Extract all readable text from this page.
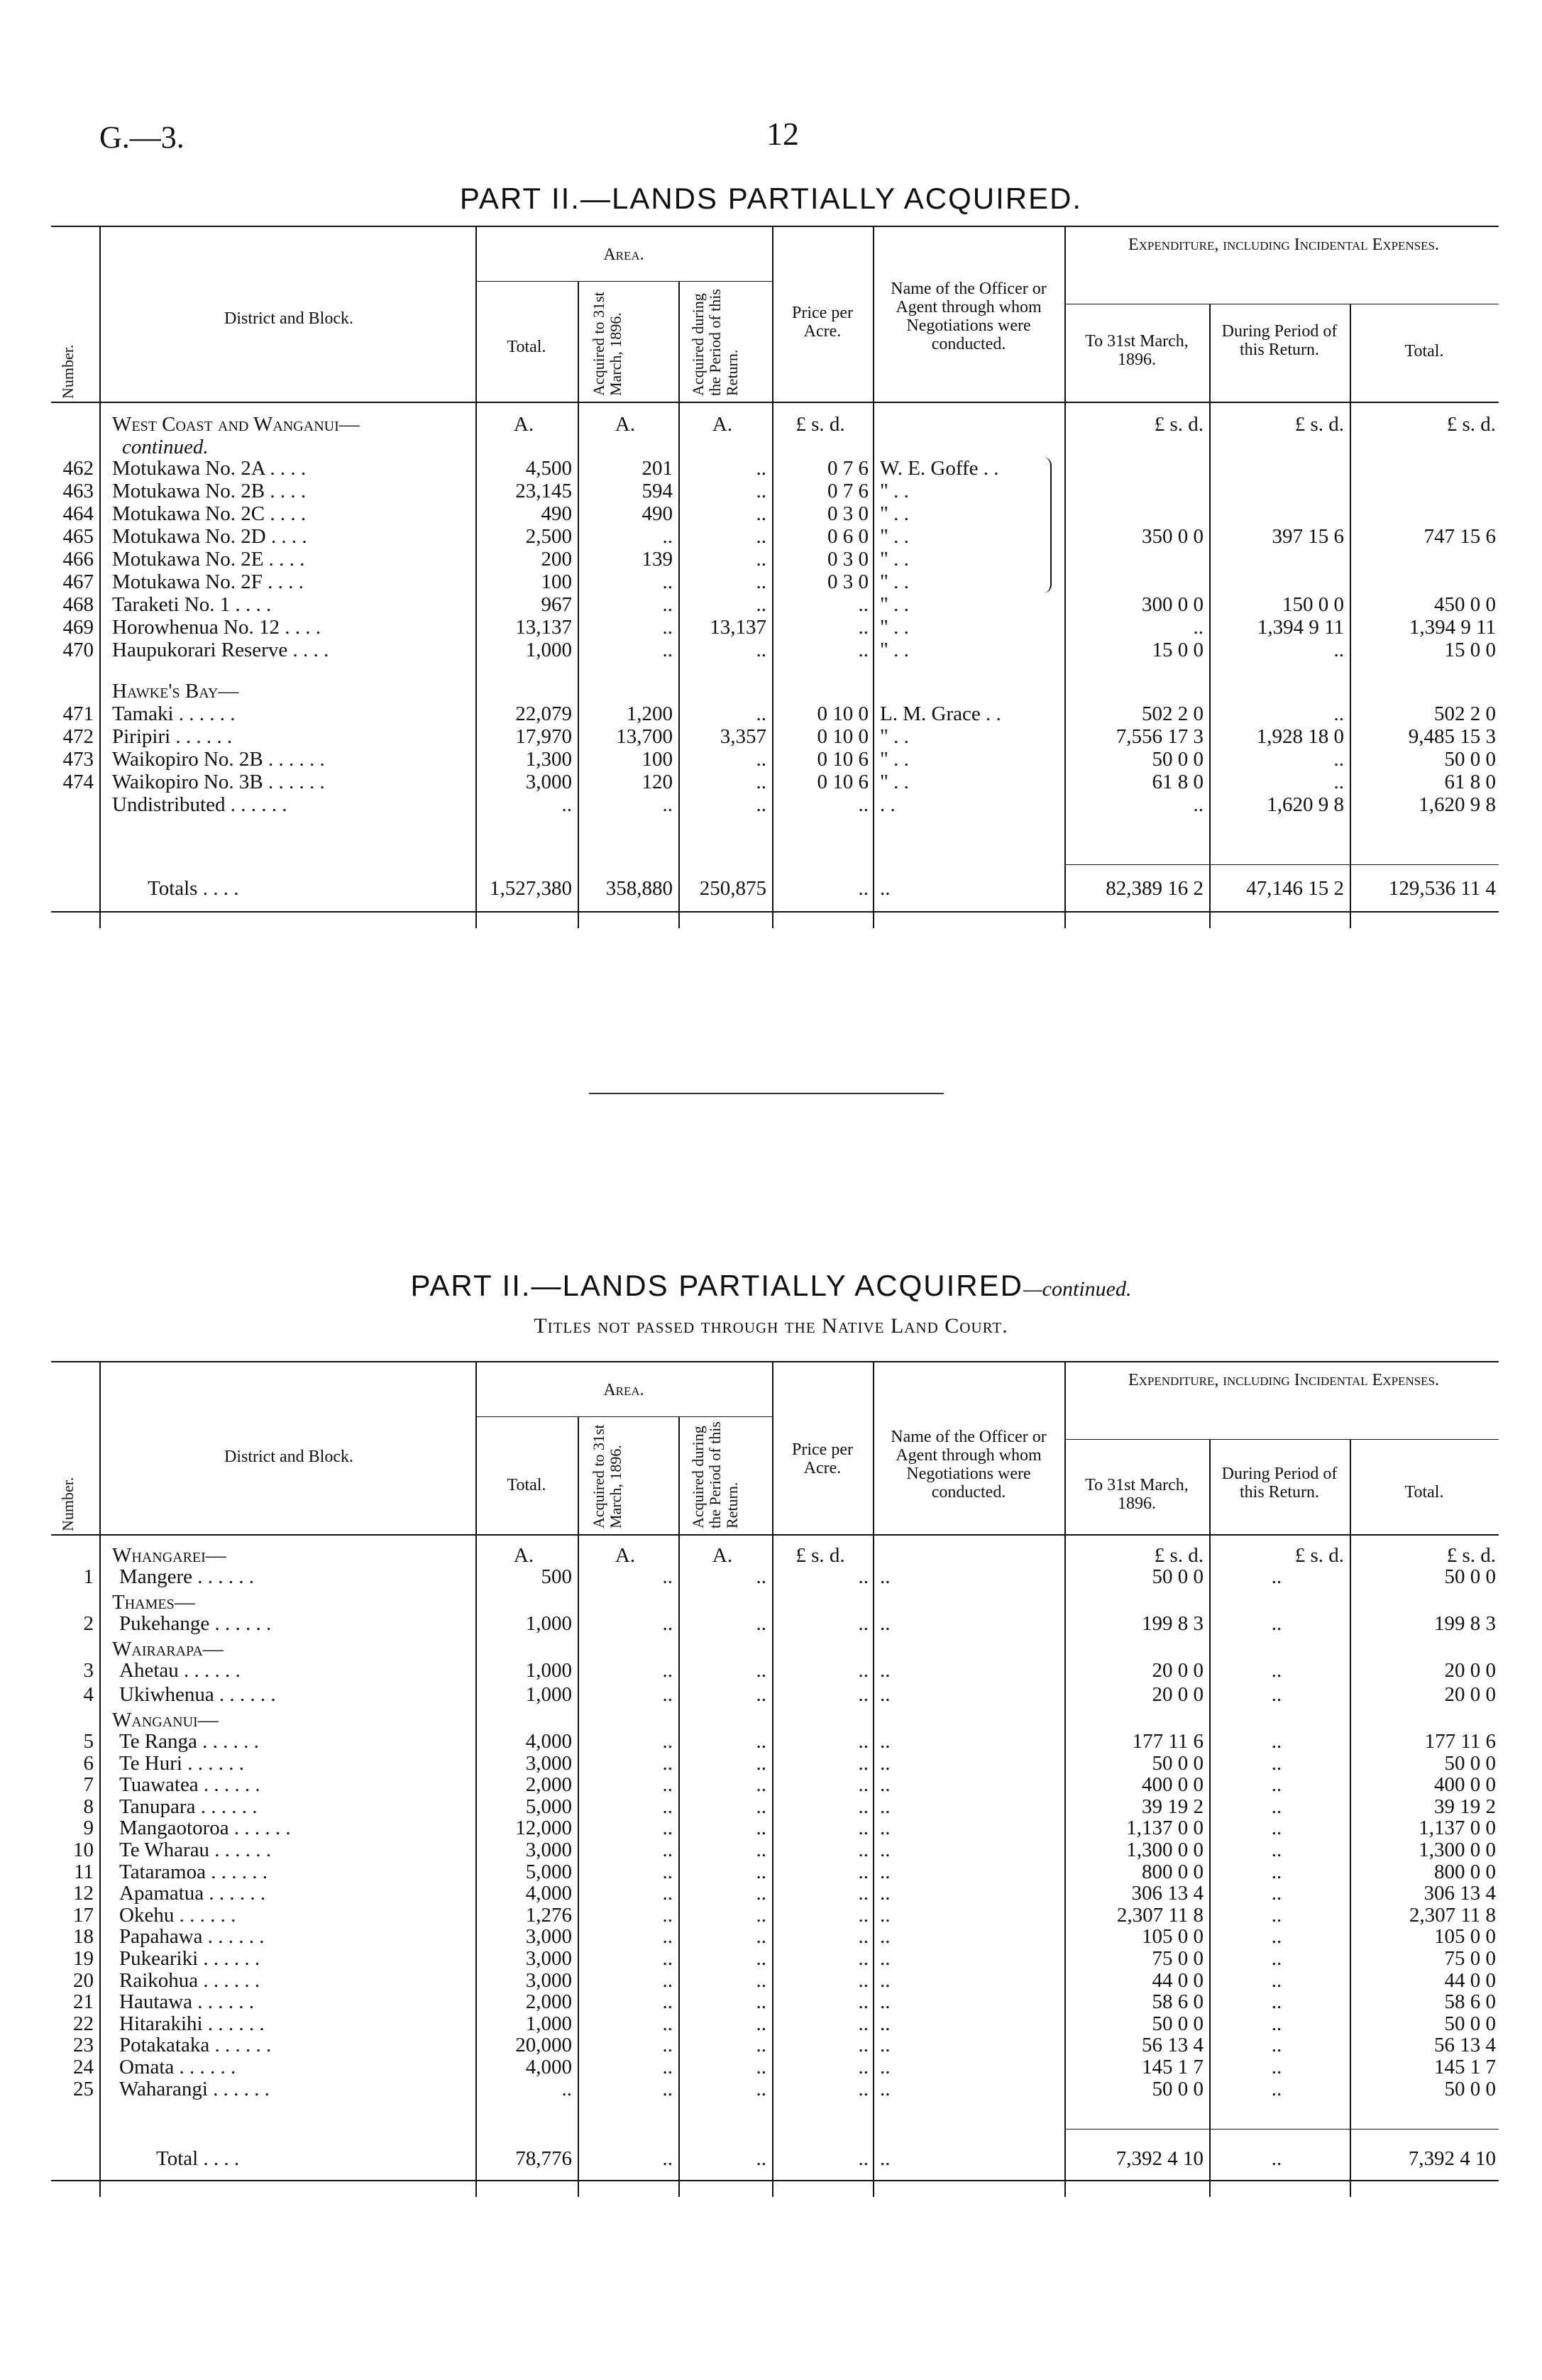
G.—3.	12
PART II.—LANDS PARTIALLY ACQUIRED.
Number.
District and Block.
Area.
Total.	Acquired to 31st March, 1896.	Acquired during the Period of this Return.
Price per Acre.
Name of the Officer or Agent through whom Negotiations were conducted.
Expenditure, including Incidental Expenses.
To 31st March, 1896.
During Period of this Return.	Total.
West Coast and Wanganui—	A.	A.	A.	£ s. d.	£ s. d.	£ s. d.	£ s. d.
continued.
462 Motukawa No. 2A . . . .	4,500	201	..	0 7 6 W. E. Goffe . .
463 Motukawa No. 2B . . . .	23,145	594	..	0 7 6 " . .
464 Motukawa No. 2C . . . .	490	490	..	0 3 0 " . .
465 Motukawa No. 2D . . . .	2,500	..	..	0 6 0 " . .	350 0 0	397 15 6	747 15 6
466 Motukawa No. 2E . . . .	200	139	..	0 3 0 " . .
467 Motukawa No. 2F . . . .	100	..	..	0 3 0 " . .
468 Taraketi No. 1 . . . .	967	..	..	.. " . .	300 0 0	150 0 0	450 0 0
469 Horowhenua No. 12 . . . .	13,137	..	13,137	.. " . .	..	1,394 9 11	1,394 9 11
470 Haupukorari Reserve . . . .	1,000	..	..	.. " . .	15 0 0	..	15 0 0
Hawke's Bay—
471 Tamaki . . . . . .	22,079	1,200	..	0 10 0 L. M. Grace . .	502 2 0	..	502 2 0
472 Piripiri . . . . . .	17,970	13,700	3,357	0 10 0 " . .	7,556 17 3	1,928 18 0	9,485 15 3
473 Waikopiro No. 2B . . . . . .	1,300	100	..	0 10 6 " . .	50 0 0	..	50 0 0
474 Waikopiro No. 3B . . . . . .	3,000	120	..	0 10 6 " . .	61 8 0	..	61 8 0
Undistributed . . . . . .	..	..	..	.. . .	..	1,620 9 8	1,620 9 8
Totals . . . .	1,527,380	358,880	250,875	.. ..	82,389 16 2	47,146 15 2	129,536 11 4
PART II.—LANDS PARTIALLY ACQUIRED—continued.
Titles not passed through the Native Land Court.
Number.
District and Block.
Area.
Total.	Acquired to 31st March, 1896.	Acquired during the Period of this Return.
Price per Acre.
Name of the Officer or Agent through whom Negotiations were conducted.
Expenditure, including Incidental Expenses.
To 31st March, 1896.
During Period of this Return.	Total.
A.	A.	A.	£ s. d.	£ s. d.	£ s. d.	£ s. d.
Whangarei—
1 Mangere . . . . . .	500	..	..	.. ..	50 0 0	..	50 0 0
Thames—
2 Pukehange . . . . . .	1,000	..	..	.. ..	199 8 3	..	199 8 3
Wairarapa—
3 Ahetau . . . . . .	1,000	..	..	.. ..	20 0 0	..	20 0 0
4 Ukiwhenua . . . . . .	1,000	..	..	.. ..	20 0 0	..	20 0 0
Wanganui—
5 Te Ranga . . . . . .	4,000	..	..	.. ..	177 11 6	..	177 11 6
6 Te Huri . . . . . .	3,000	..	..	.. ..	50 0 0	..	50 0 0
7 Tuawatea . . . . . .	2,000	..	..	.. ..	400 0 0	..	400 0 0
8 Tanupara . . . . . .	5,000	..	..	.. ..	39 19 2	..	39 19 2
9 Mangaotoroa . . . . . .	12,000	..	..	.. ..	1,137 0 0	..	1,137 0 0
10 Te Wharau . . . . . .	3,000	..	..	.. ..	1,300 0 0	..	1,300 0 0
11 Tataramoa . . . . . .	5,000	..	..	.. ..	800 0 0	..	800 0 0
12 Apamatua . . . . . .	4,000	..	..	.. ..	306 13 4	..	306 13 4
17 Okehu . . . . . .	1,276	..	..	.. ..	2,307 11 8	..	2,307 11 8
18 Papahawa . . . . . .	3,000	..	..	.. ..	105 0 0	..	105 0 0
19 Pukeariki . . . . . .	3,000	..	..	.. ..	75 0 0	..	75 0 0
20 Raikohua . . . . . .	3,000	..	..	.. ..	44 0 0	..	44 0 0
21 Hautawa . . . . . .	2,000	..	..	.. ..	58 6 0	..	58 6 0
22 Hitarakihi . . . . . .	1,000	..	..	.. ..	50 0 0	..	50 0 0
23 Potakataka . . . . . .	20,000	..	..	.. ..	56 13 4	..	56 13 4
24 Omata . . . . . .	4,000	..	..	.. ..	145 1 7	..	145 1 7
25 Waharangi . . . . . .	..	..	..	.. ..	50 0 0	..	50 0 0
Total . . . .	78,776	..	..	.. ..	7,392 4 10	..	7,392 4 10
